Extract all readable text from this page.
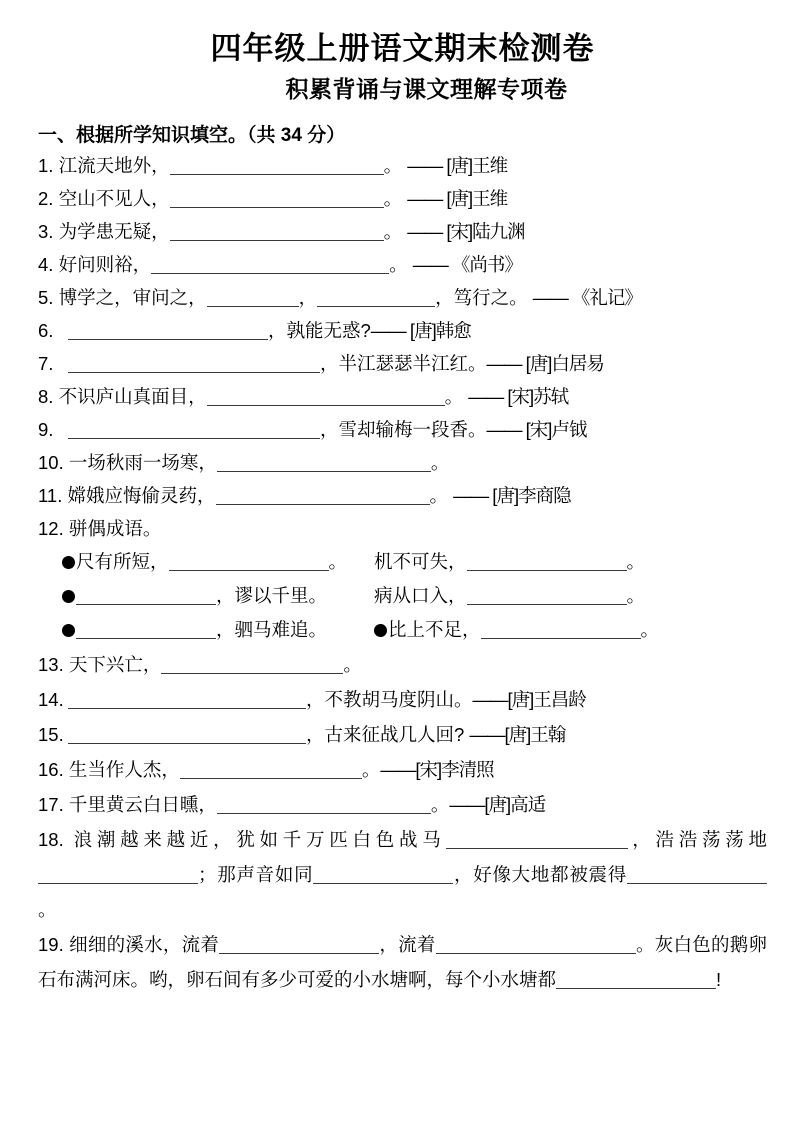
四年级上册语文期末检测卷
积累背诵与课文理解专项卷
一、根据所学知识填空。（共 34 分）
1. 江流天地外，	。 —— [唐]王维
2. 空山不见人，	。 —— [唐]王维
3. 为学患无疑，	。 —— [宋]陆九渊
4. 好问则裕，	。 —— 《尚书》
5. 博学之，审问之，	，	，笃行之。 —— 《礼记》
6.	，孰能无惑?—— [唐]韩愈
7.	，半江瑟瑟半江红。—— [唐]白居易
8. 不识庐山真面目，	。 —— [宋]苏轼
9.	，雪却输梅一段香。—— [宋]卢钺
10. 一场秋雨一场寒，	。
11. 嫦娥应悔偷灵药，	。 —— [唐]李商隐
12. 骈偶成语。
尺有所短，	。	机不可失，	。
，谬以千里。	病从口入，	。
，驷马难追。	比上不足，	。
13. 天下兴亡，	。
14.	，不教胡马度阴山。——[唐]王昌龄
15.	，古来征战几人回? ——[唐]王翰
16. 生当作人杰，	。——[宋]李清照
17. 千里黄云白日曛，	。——[唐]高适
18. 浪潮越来越近，犹如千万匹白色战马	，浩浩荡荡地；那声音如同	，好像大地都被震得。
19. 细细的溪水，流着	，流着	。灰白色的鹅卵石布满河床。哟，卵石间有多少可爱的小水塘啊，每个小水塘都	!
